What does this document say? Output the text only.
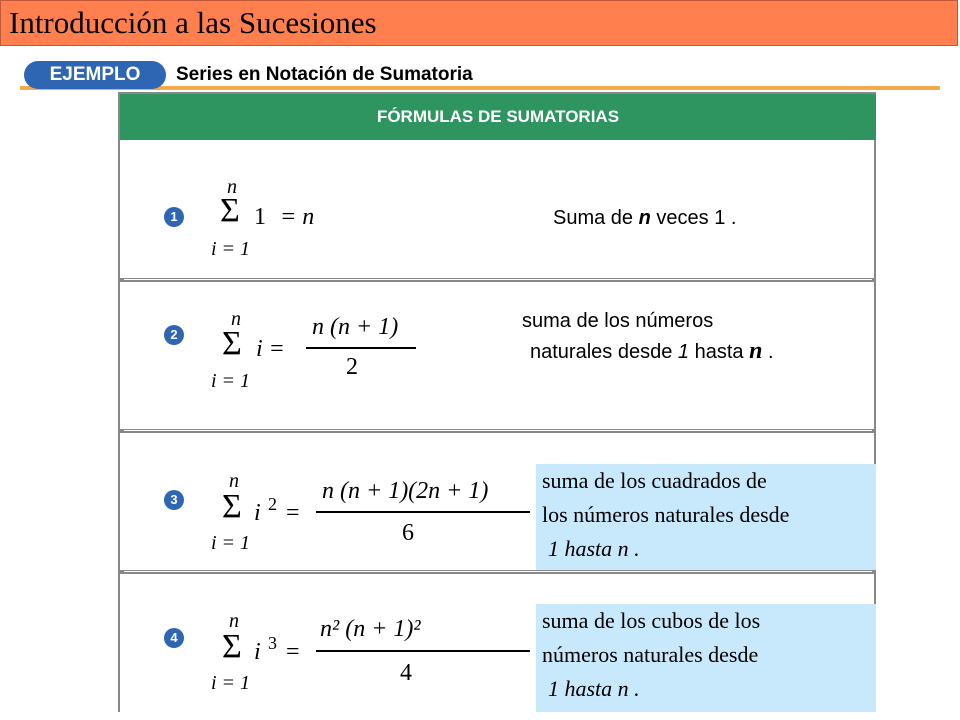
Introducción a las Sucesiones
EJEMPLO	Series en Notación de Sumatoria
FÓRMULAS DE SUMATORIAS
1
n
Σ
i = 1
1 = n	Suma de n veces 1 .
2
n
Σ
i = 1
i =
n (n + 1)
2
suma de los números
naturales desde 1 hasta n .
3
n
Σ
i = 1
i 2 =
n (n + 1)(2n + 1)
6
suma de los cuadrados de
los números naturales desde
1 hasta n .
4
n
Σ
i = 1
i 3 =
n² (n + 1)²
4
suma de los cubos de los
números naturales desde
1 hasta n .
